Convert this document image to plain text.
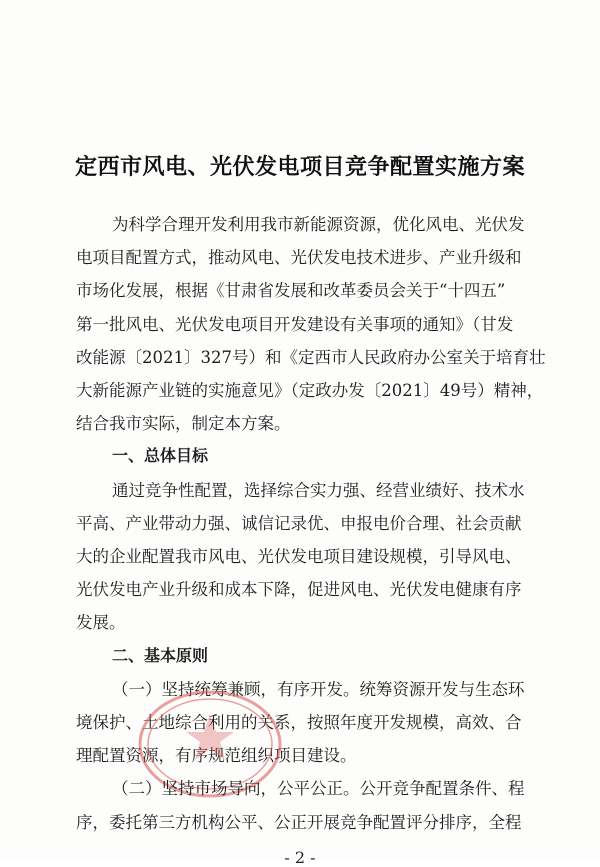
定西市风电、光伏发电项目竞争配置实施方案
为科学合理开发利用我市新能源资源，优化风电、光伏发
电项目配置方式，推动风电、光伏发电技术进步、产业升级和
市场化发展，根据《甘肃省发展和改革委员会关于“十四五”
第一批风电、光伏发电项目开发建设有关事项的通知》（甘发
改能源〔2021〕327号）和《定西市人民政府办公室关于培育壮
大新能源产业链的实施意见》（定政办发〔2021〕49号）精神，
结合我市实际，制定本方案。
一、总体目标
通过竞争性配置，选择综合实力强、经营业绩好、技术水
平高、产业带动力强、诚信记录优、申报电价合理、社会贡献
大的企业配置我市风电、光伏发电项目建设规模，引导风电、
光伏发电产业升级和成本下降，促进风电、光伏发电健康有序
发展。
二、基本原则
（一）坚持统筹兼顾，有序开发。统筹资源开发与生态环
境保护、土地综合利用的关系，按照年度开发规模，高效、合
理配置资源，有序规范组织项目建设。
- 2 -
（二）坚持市场导向，公平公正。公开竞争配置条件、程
序，委托第三方机构公平、公正开展竞争配置评分排序，全程
